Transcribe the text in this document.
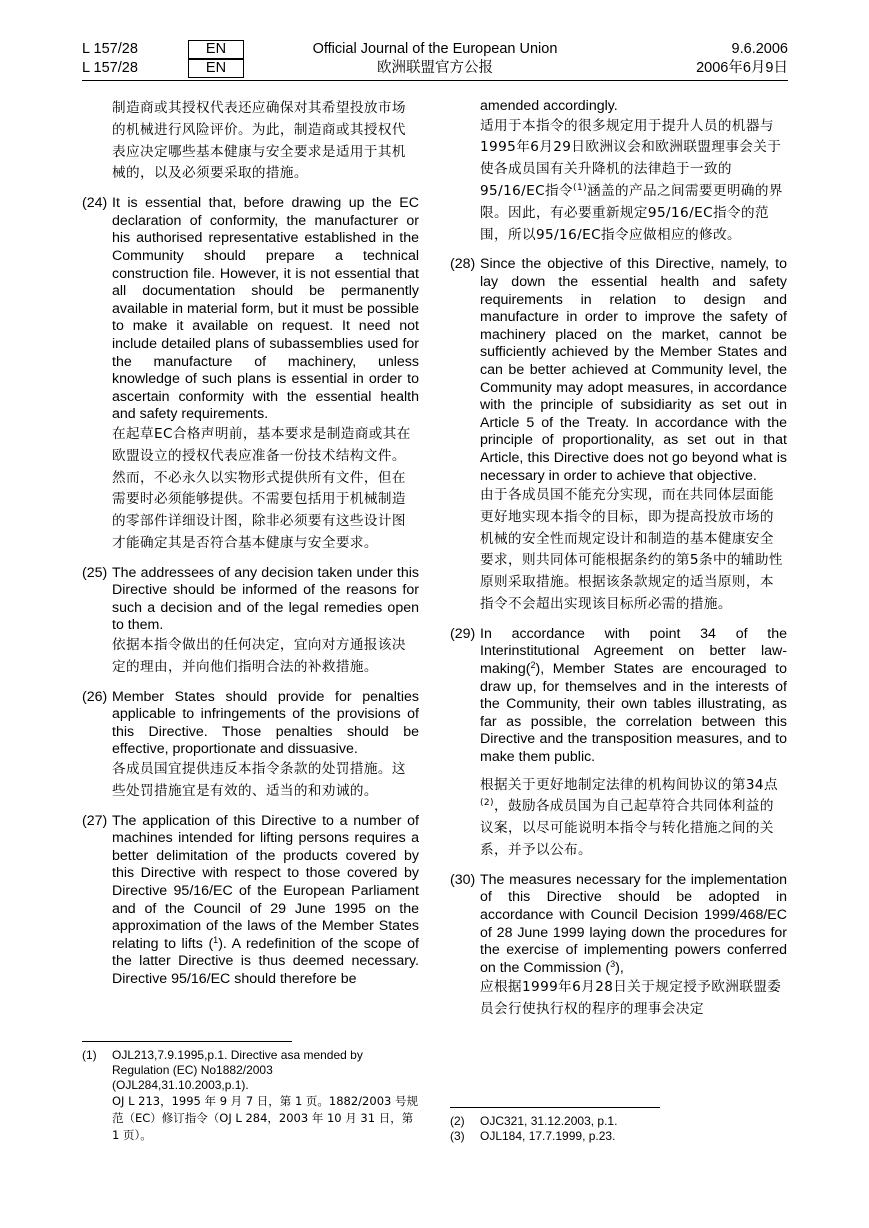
L 157/28	EN	Official Journal of the European Union	9.6.2006
L 157/28	EN	欧洲联盟官方公报	2006年6月9日

制造商或其授权代表还应确保对其希望投放市场的机械进行风险评价。为此，制造商或其授权代表应决定哪些基本健康与安全要求是适用于其机械的，以及必须要采取的措施。

(24) It is essential that, before drawing up the EC declaration of conformity, the manufacturer or his authorised representative established in the Community should prepare a technical construction file. However, it is not essential that all documentation should be permanently available in material form, but it must be possible to make it available on request. It need not include detailed plans of subassemblies used for the manufacture of machinery, unless knowledge of such plans is essential in order to ascertain conformity with the essential health and safety requirements.

在起草EC合格声明前，基本要求是制造商或其在欧盟设立的授权代表应准备一份技术结构文件。然而，不必永久以实物形式提供所有文件，但在需要时必须能够提供。不需要包括用于机械制造的零部件详细设计图，除非必须要有这些设计图才能确定其是否符合基本健康与安全要求。

(25) The addressees of any decision taken under this Directive should be informed of the reasons for such a decision and of the legal remedies open to them.

依据本指令做出的任何决定，宜向对方通报该决定的理由，并向他们指明合法的补救措施。

(26) Member States should provide for penalties applicable to infringements of the provisions of this Directive. Those penalties should be effective, proportionate and dissuasive.

各成员国宜提供违反本指令条款的处罚措施。这些处罚措施宜是有效的、适当的和劝诫的。

(27) The application of this Directive to a number of machines intended for lifting persons requires a better delimitation of the products covered by this Directive with respect to those covered by Directive 95/16/EC of the European Parliament and of the Council of 29 June 1995 on the approximation of the laws of the Member States relating to lifts ($^1$). A redefinition of the scope of the latter Directive is thus deemed necessary. Directive 95/16/EC should therefore be

(1) OJL213,7.9.1995,p.1. Directive asa mended by Regulation (EC) No1882/2003
(OJL284,31.10.2003,p.1).
OJ L 213，1995 年 9 月 7 日，第 1 页。1882/2003 号规范（EC）修订指令（OJ L 284，2003 年 10 月 31 日，第 1 页）。

amended accordingly.

适用于本指令的很多规定用于提升人员的机器与1995年6月29日欧洲议会和欧洲联盟理事会关于使各成员国有关升降机的法律趋于一致的95/16/EC指令$^{(1)}$涵盖的产品之间需要更明确的界限。因此，有必要重新规定95/16/EC指令的范围，所以95/16/EC指令应做相应的修改。

(28) Since the objective of this Directive, namely, to lay down the essential health and safety requirements in relation to design and manufacture in order to improve the safety of machinery placed on the market, cannot be sufficiently achieved by the Member States and can be better achieved at Community level, the Community may adopt measures, in accordance with the principle of subsidiarity as set out in Article 5 of the Treaty. In accordance with the principle of proportionality, as set out in that Article, this Directive does not go beyond what is necessary in order to achieve that objective.

由于各成员国不能充分实现，而在共同体层面能更好地实现本指令的目标，即为提高投放市场的机械的安全性而规定设计和制造的基本健康安全要求，则共同体可能根据条约的第5条中的辅助性原则采取措施。根据该条款规定的适当原则，本指令不会超出实现该目标所必需的措施。

(29) In accordance with point 34 of the Interinstitutional Agreement on better law-making($^2$), Member States are encouraged to draw up, for themselves and in the interests of the Community, their own tables illustrating, as far as possible, the correlation between this Directive and the transposition measures, and to make them public.

根据关于更好地制定法律的机构间协议的第34点$^{(2)}$，鼓励各成员国为自己起草符合共同体利益的议案，以尽可能说明本指令与转化措施之间的关系，并予以公布。

(30) The measures necessary for the implementation of this Directive should be adopted in accordance with Council Decision 1999/468/EC of 28 June 1999 laying down the procedures for the exercise of implementing powers conferred on the Commission ($^3$),

应根据1999年6月28日关于规定授予欧洲联盟委员会行使执行权的程序的理事会决定

(2) OJC321, 31.12.2003, p.1.
(3) OJL184, 17.7.1999, p.23.
